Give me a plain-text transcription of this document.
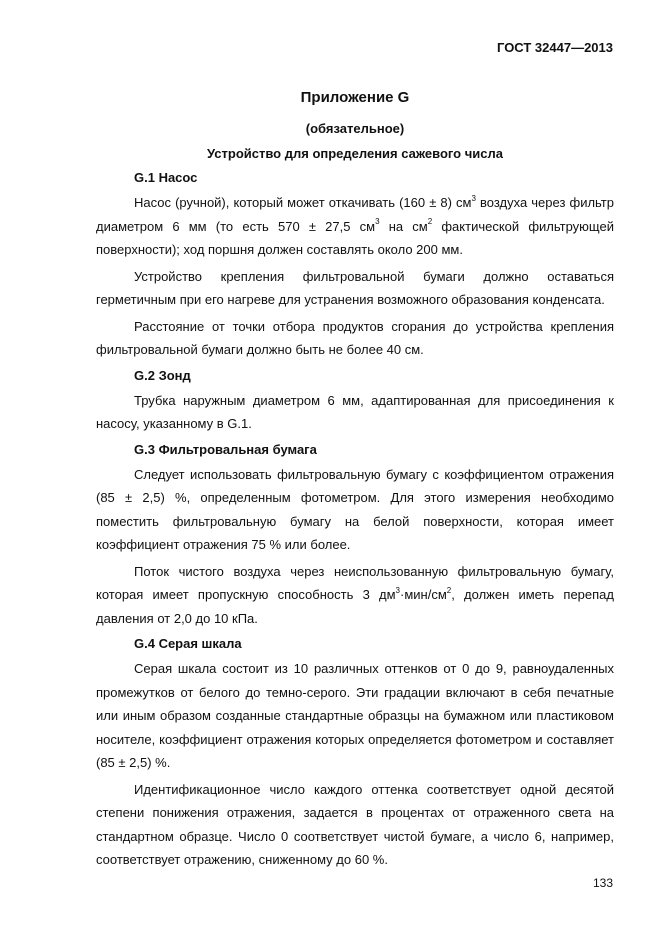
ГОСТ 32447—2013
Приложение G
(обязательное)
Устройство для определения сажевого числа
G.1 Насос

Насос (ручной), который может откачивать (160 ± 8) $см^3$ воздуха через фильтр диаметром 6 мм (то есть 570 ± 27,5 $см^3$ на $см^2$ фактической фильтрующей поверхности); ход поршня должен составлять около 200 мм.

Устройство крепления фильтровальной бумаги должно оставаться герметичным при его нагреве для устранения возможного образования конденсата.

Расстояние от точки отбора продуктов сгорания до устройства крепления фильтровальной бумаги должно быть не более 40 см.

G.2 Зонд

Трубка наружным диаметром 6 мм, адаптированная для присоединения к насосу, указанному в G.1.

G.3 Фильтровальная бумага

Следует использовать фильтровальную бумагу с коэффициентом отражения (85 ± 2,5) %, определенным фотометром. Для этого измерения необходимо поместить фильтровальную бумагу на белой поверхности, которая имеет коэффициент отражения 75 % или более.

Поток чистого воздуха через неиспользованную фильтровальную бумагу, которая имеет пропускную способность 3 $дм^3\cdot мин/см^2$, должен иметь перепад давления от 2,0 до 10 кПа.

G.4 Серая шкала

Серая шкала состоит из 10 различных оттенков от 0 до 9, равноудаленных промежутков от белого до темно-серого. Эти градации включают в себя печатные или иным образом созданные стандартные образцы на бумажном или пластиковом носителе, коэффициент отражения которых определяется фотометром и составляет (85 ± 2,5) %.

Идентификационное число каждого оттенка соответствует одной десятой степени понижения отражения, задается в процентах от отраженного света на стандартном образце. Число 0 соответствует чистой бумаге, а число 6, например, соответствует отражению, сниженному до 60 %.

133
